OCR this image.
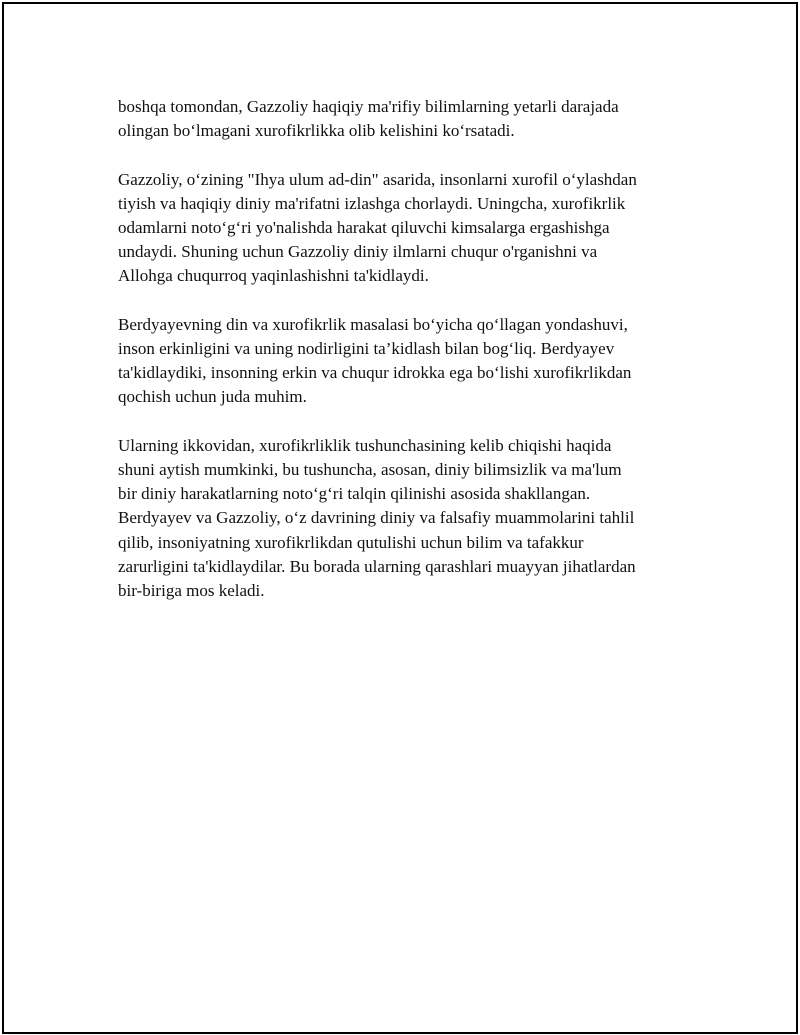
boshqa tomondan, Gazzoliy haqiqiy ma'rifiy bilimlarning yetarli darajada
olingan bo‘lmagani xurofikrlikka olib kelishini ko‘rsatadi.

Gazzoliy, o‘zining "Ihya ulum ad-din" asarida, insonlarni xurofil o‘ylashdan
tiyish va haqiqiy diniy ma'rifatni izlashga chorlaydi. Uningcha, xurofikrlik
odamlarni noto‘g‘ri yo'nalishda harakat qiluvchi kimsalarga ergashishga
undaydi. Shuning uchun Gazzoliy diniy ilmlarni chuqur o'rganishni va
Allohga chuqurroq yaqinlashishni ta'kidlaydi.

Berdyayevning din va xurofikrlik masalasi bo‘yicha qo‘llagan yondashuvi,
inson erkinligini va uning nodirligini ta’kidlash bilan bog‘liq. Berdyayev
ta'kidlaydiki, insonning erkin va chuqur idrokka ega bo‘lishi xurofikrlikdan
qochish uchun juda muhim.

Ularning ikkovidan, xurofikrliklik tushunchasining kelib chiqishi haqida
shuni aytish mumkinki, bu tushuncha, asosan, diniy bilimsizlik va ma'lum
bir diniy harakatlarning noto‘g‘ri talqin qilinishi asosida shakllangan.
Berdyayev va Gazzoliy, o‘z davrining diniy va falsafiy muammolarini tahlil
qilib, insoniyatning xurofikrlikdan qutulishi uchun bilim va tafakkur
zarurligini ta'kidlaydilar. Bu borada ularning qarashlari muayyan jihatlardan
bir-biriga mos keladi.
